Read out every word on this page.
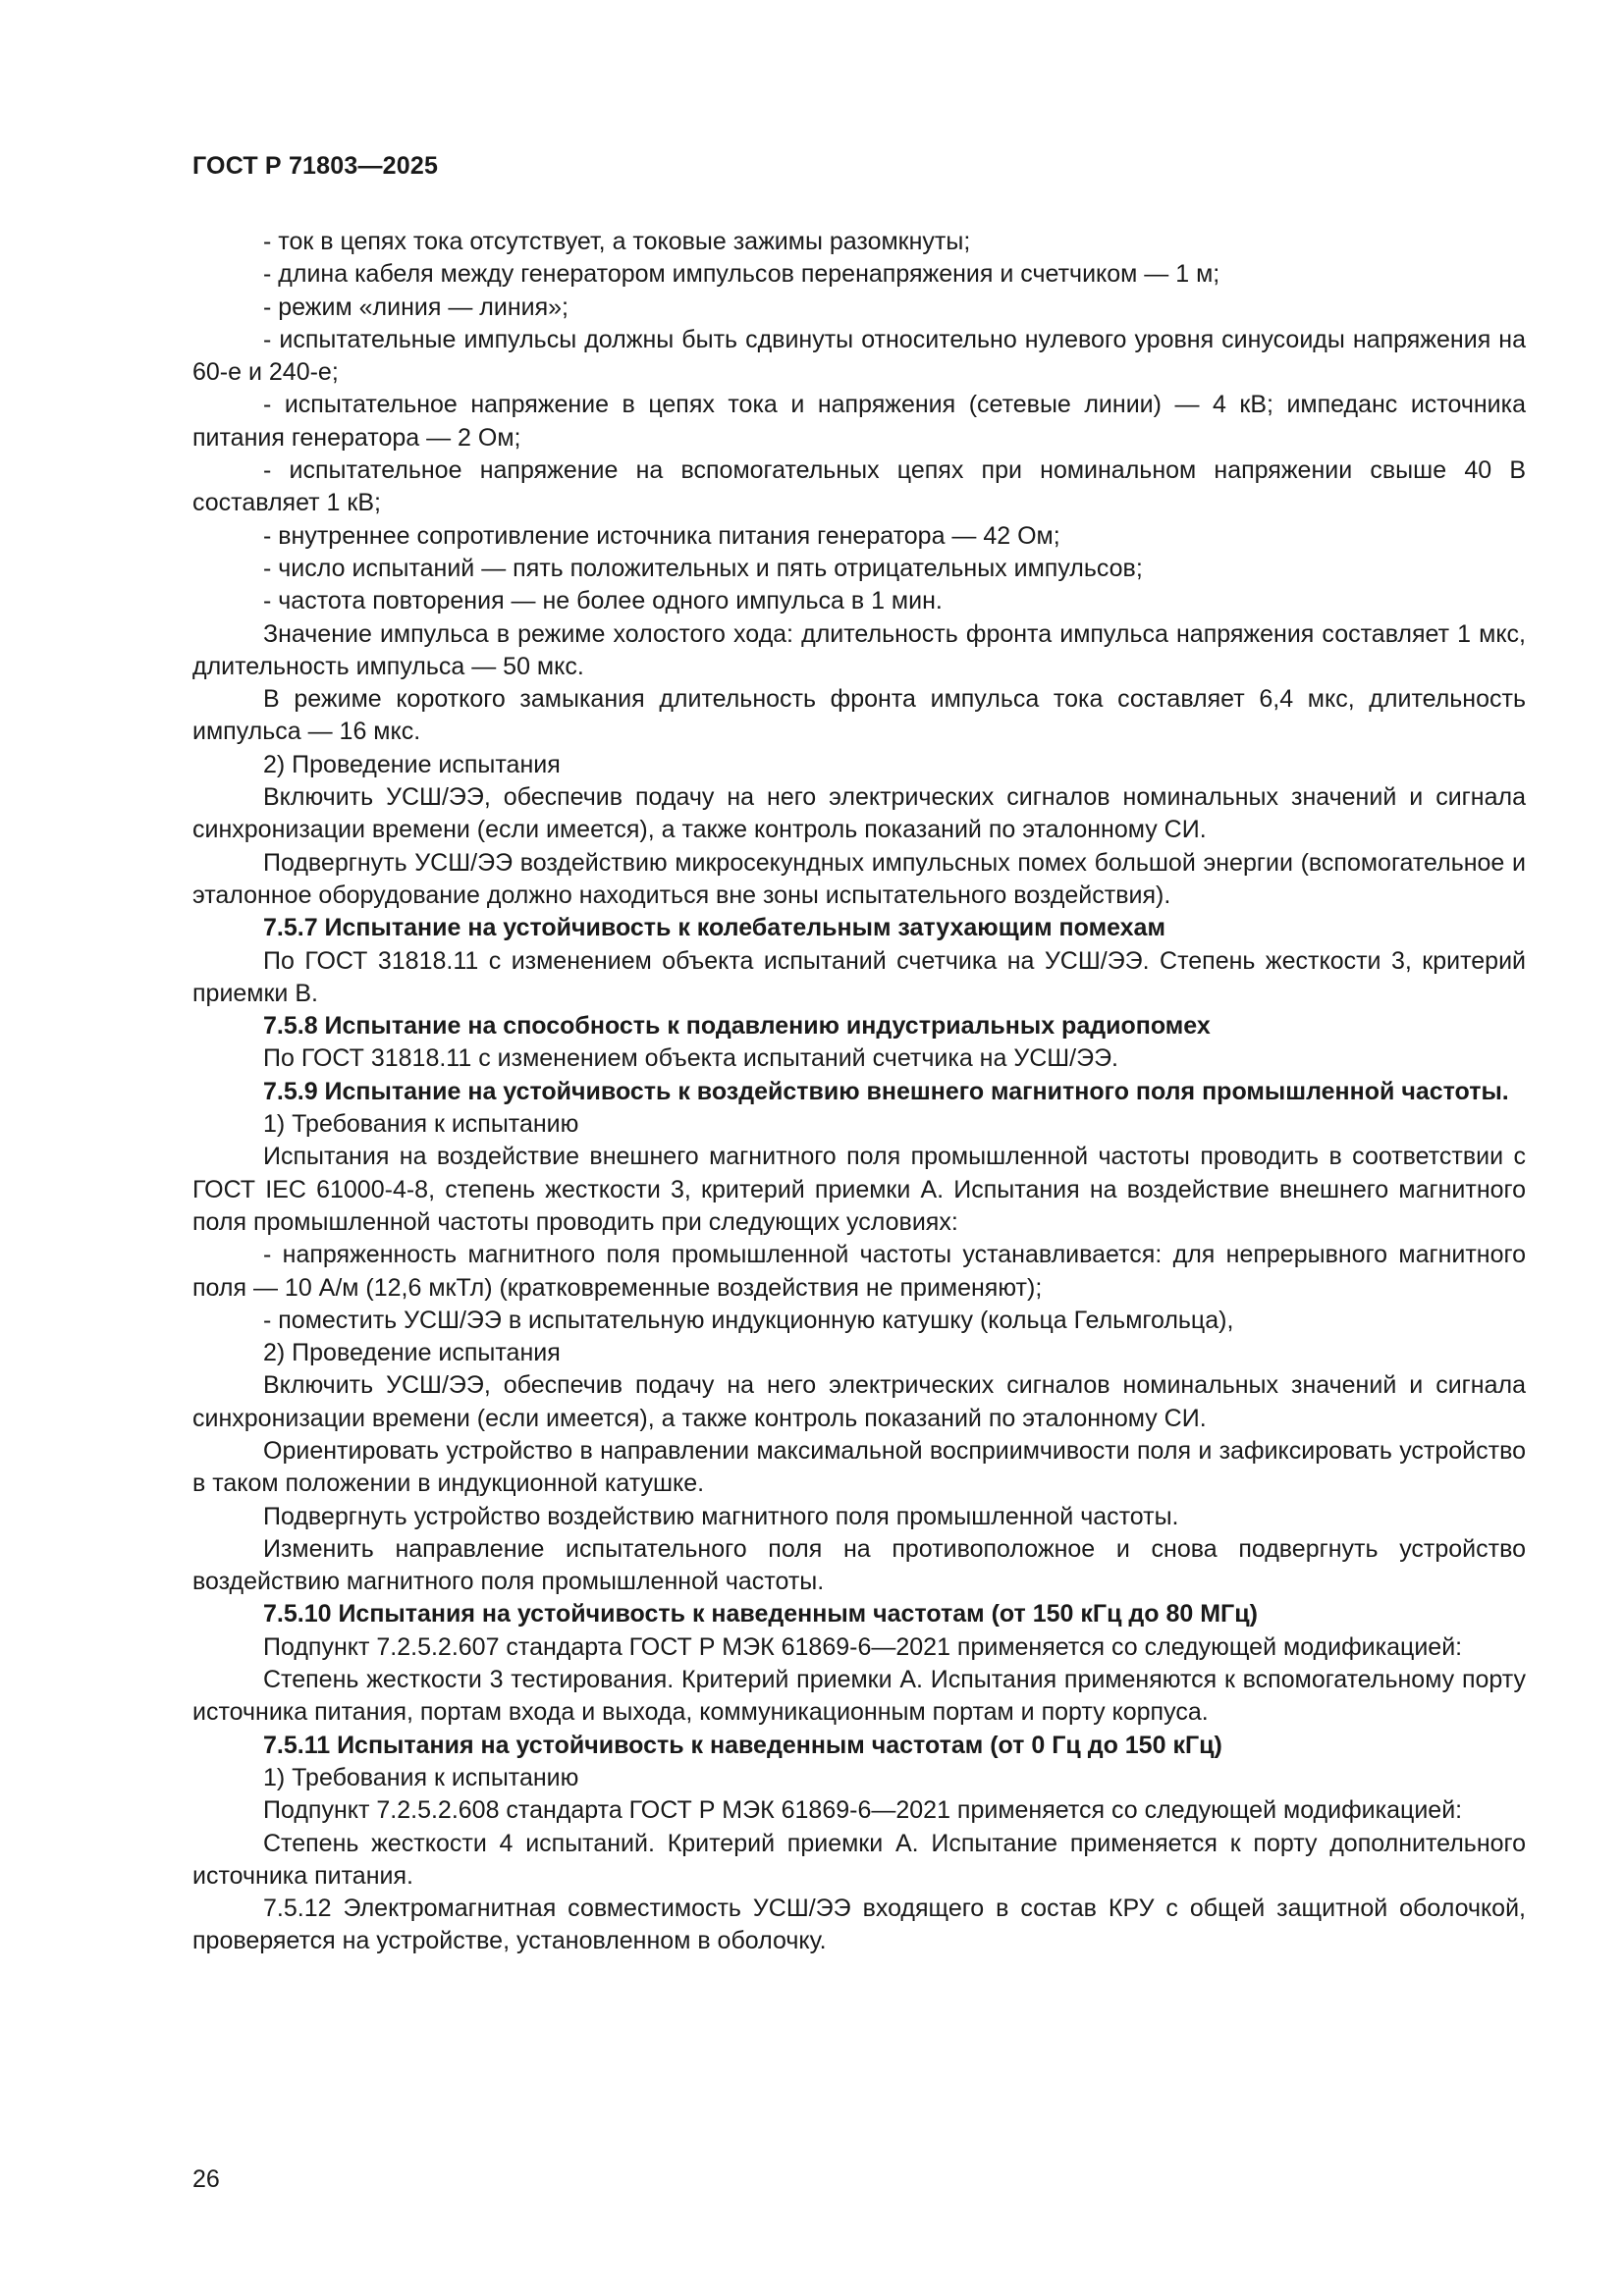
ГОСТ Р 71803—2025

- ток в цепях тока отсутствует, а токовые зажимы разомкнуты;

- длина кабеля между генератором импульсов перенапряжения и счетчиком — 1 м;

- режим «линия — линия»;

- испытательные импульсы должны быть сдвинуты относительно нулевого уровня синусоиды напряжения на 60-е и 240-е;

- испытательное напряжение в цепях тока и напряжения (сетевые линии) — 4 кВ; импеданс источника питания генератора — 2 Ом;

- испытательное напряжение на вспомогательных цепях при номинальном напряжении свыше 40 В составляет 1 кВ;

- внутреннее сопротивление источника питания генератора — 42 Ом;

- число испытаний — пять положительных и пять отрицательных импульсов;

- частота повторения — не более одного импульса в 1 мин.

Значение импульса в режиме холостого хода: длительность фронта импульса напряжения составляет 1 мкс, длительность импульса — 50 мкс.

В режиме короткого замыкания длительность фронта импульса тока составляет 6,4 мкс, длительность импульса — 16 мкс.

2) Проведение испытания

Включить УСШ/ЭЭ, обеспечив подачу на него электрических сигналов номинальных значений и сигнала синхронизации времени (если имеется), а также контроль показаний по эталонному СИ.

Подвергнуть УСШ/ЭЭ воздействию микросекундных импульсных помех большой энергии (вспомогательное и эталонное оборудование должно находиться вне зоны испытательного воздействия).

7.5.7 Испытание на устойчивость к колебательным затухающим помехам

По ГОСТ 31818.11 с изменением объекта испытаний счетчика на УСШ/ЭЭ. Степень жесткости 3, критерий приемки В.

7.5.8 Испытание на способность к подавлению индустриальных радиопомех

По ГОСТ 31818.11 с изменением объекта испытаний счетчика на УСШ/ЭЭ.

7.5.9 Испытание на устойчивость к воздействию внешнего магнитного поля промышленной частоты.

1) Требования к испытанию

Испытания на воздействие внешнего магнитного поля промышленной частоты проводить в соответствии с ГОСТ IEC 61000-4-8, степень жесткости 3, критерий приемки А. Испытания на воздействие внешнего магнитного поля промышленной частоты проводить при следующих условиях:

- напряженность магнитного поля промышленной частоты устанавливается: для непрерывного магнитного поля — 10 А/м (12,6 мкТл) (кратковременные воздействия не применяют);

- поместить УСШ/ЭЭ в испытательную индукционную катушку (кольца Гельмгольца),

2) Проведение испытания

Включить УСШ/ЭЭ, обеспечив подачу на него электрических сигналов номинальных значений и сигнала синхронизации времени (если имеется), а также контроль показаний по эталонному СИ.

Ориентировать устройство в направлении максимальной восприимчивости поля и зафиксировать устройство в таком положении в индукционной катушке.

Подвергнуть устройство воздействию магнитного поля промышленной частоты.

Изменить направление испытательного поля на противоположное и снова подвергнуть устройство воздействию магнитного поля промышленной частоты.

7.5.10 Испытания на устойчивость к наведенным частотам (от 150 кГц до 80 МГц)

Подпункт 7.2.5.2.607 стандарта ГОСТ Р МЭК 61869-6—2021 применяется со следующей модификацией:

Степень жесткости 3 тестирования. Критерий приемки А. Испытания применяются к вспомогательному порту источника питания, портам входа и выхода, коммуникационным портам и порту корпуса.

7.5.11 Испытания на устойчивость к наведенным частотам (от 0 Гц до 150 кГц)

1) Требования к испытанию

Подпункт 7.2.5.2.608 стандарта ГОСТ Р МЭК 61869-6—2021 применяется со следующей модификацией:

Степень жесткости 4 испытаний. Критерий приемки А. Испытание применяется к порту дополнительного источника питания.

7.5.12 Электромагнитная совместимость УСШ/ЭЭ входящего в состав КРУ с общей защитной оболочкой, проверяется на устройстве, установленном в оболочку.

26
